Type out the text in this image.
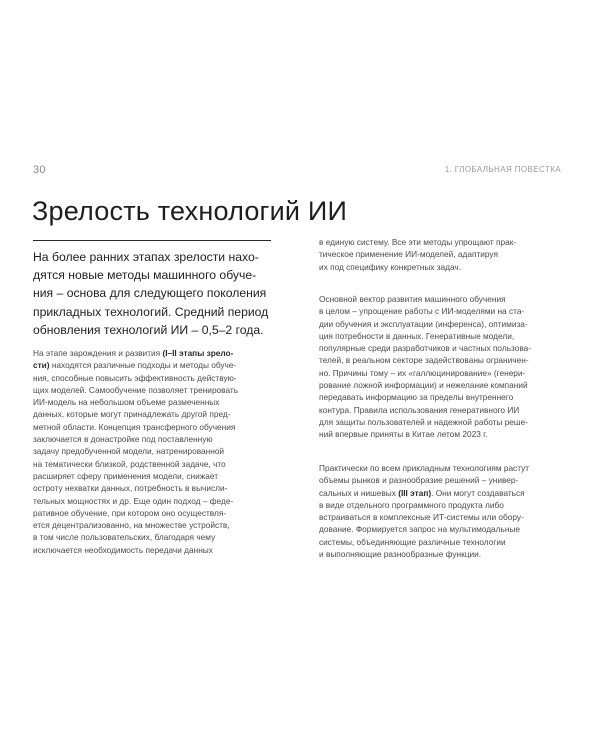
30	1. ГЛОБАЛЬНАЯ ПОВЕСТКА
Зрелость технологий ИИ
На более ранних этапах зрелости нахо-
дятся новые методы машинного обуче-
ния – основа для следующего поколения
прикладных технологий. Средний период
обновления технологий ИИ – 0,5–2 года.
На этапе зарождения и развития (I–II этапы зрело-
сти) находятся различные подходы и методы обуче-
ния, способные повысить эффективность действую-
щих моделей. Самообучение позволяет тренировать
ИИ-модель на небольшом объеме размеченных
данных, которые могут принадлежать другой пред-
метной области. Концепция трансферного обучения
заключается в донастройке под поставленную
задачу предобученной модели, натренированной
на тематически близкой, родственной задаче, что
расширяет сферу применения модели, снижает
остроту нехватки данных, потребность в вычисли-
тельных мощностях и др. Еще один подход – феде-
ративное обучение, при котором оно осуществля-
ется децентрализованно, на множестве устройств,
в том числе пользовательских, благодаря чему
исключается необходимость передачи данных
в единую систему. Все эти методы упрощают прак-
тическое применение ИИ-моделей, адаптируя
их под специфику конкретных задач.
Основной вектор развития машинного обучения
в целом – упрощение работы с ИИ-моделями на ста-
дии обучения и эксплуатации (инференса), оптимиза-
ция потребности в данных. Генеративные модели,
популярные среди разработчиков и частных пользова-
телей, в реальном секторе задействованы ограничен-
но. Причины тому – их «галлюцинирование» (генери-
рование ложной информации) и нежелание компаний
передавать информацию за пределы внутреннего
контура. Правила использования генеративного ИИ
для защиты пользователей и надежной работы реше-
ний впервые приняты в Китае летом 2023 г.
Практически по всем прикладным технологиям растут
объемы рынков и разнообразие решений – универ-
сальных и нишевых (III этап). Они могут создаваться
в виде отдельного программного продукта либо
встраиваться в комплексные ИТ-системы или обору-
дование. Формируется запрос на мультимодальные
системы, объединяющие различные технологии
и выполняющие разнообразные функции.
